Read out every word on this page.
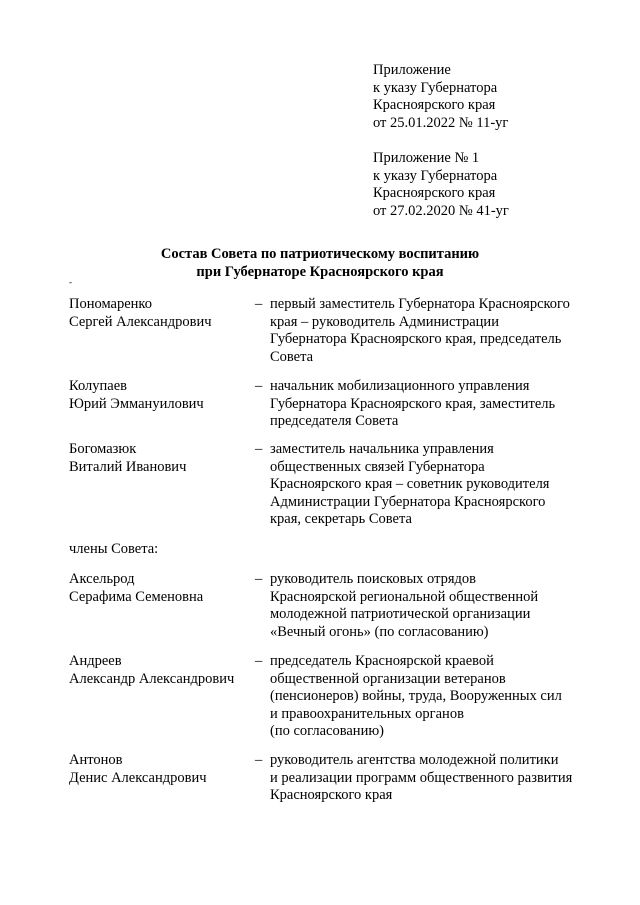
Приложение
к указу Губернатора
Красноярского края
от 25.01.2022 № 11-уг
Приложение № 1
к указу Губернатора
Красноярского края
от 27.02.2020 № 41-уг
Состав Совета по патриотическому воспитанию
при Губернаторе Красноярского края
-
Пономаренко
Сергей Александрович
– первый заместитель Губернатора Красноярского
края – руководитель Администрации
Губернатора Красноярского края, председатель
Совета
Колупаев
Юрий Эммануилович
– начальник мобилизационного управления
Губернатора Красноярского края, заместитель
председателя Совета
Богомазюк
Виталий Иванович
– заместитель начальника управления
общественных связей Губернатора
Красноярского края – советник руководителя
Администрации Губернатора Красноярского
края, секретарь Совета
члены Совета:
Аксельрод
Серафима Семеновна
– руководитель поисковых отрядов
Красноярской региональной общественной
молодежной патриотической организации
«Вечный огонь» (по согласованию)
Андреев
Александр Александрович
– председатель Красноярской краевой
общественной организации ветеранов
(пенсионеров) войны, труда, Вооруженных сил
и правоохранительных органов
(по согласованию)
Антонов
Денис Александрович
– руководитель агентства молодежной политики
и реализации программ общественного развития
Красноярского края
